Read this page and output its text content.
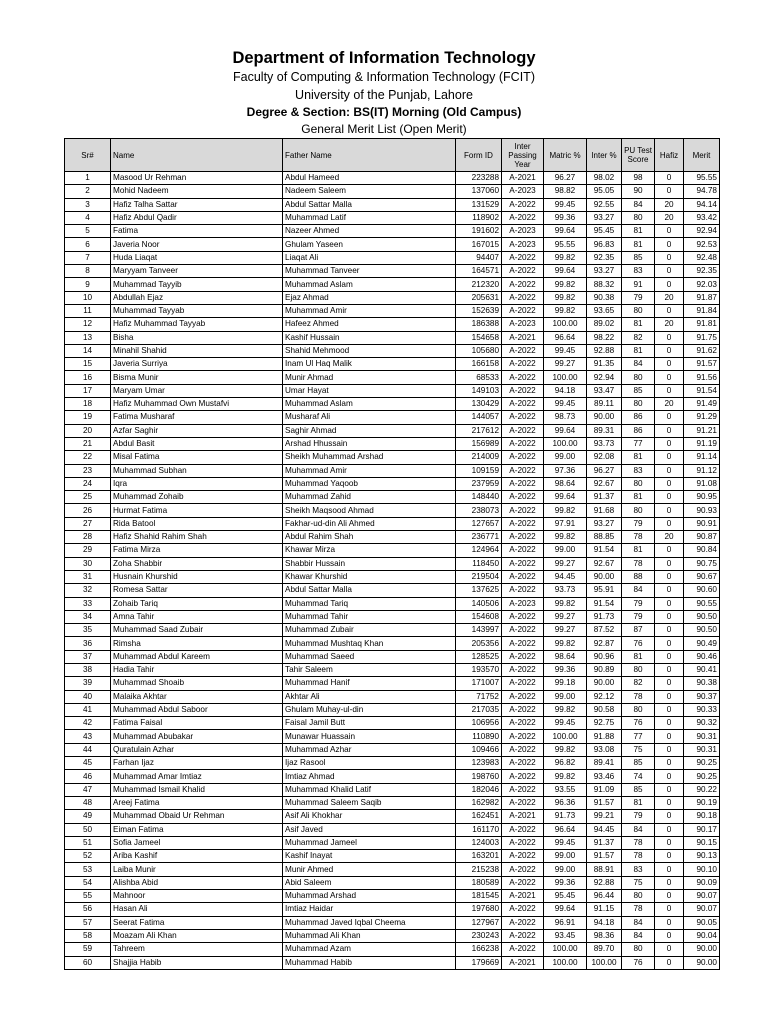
Department of Information Technology
Faculty of Computing & Information Technology (FCIT)
University of the Punjab, Lahore
Degree & Section: BS(IT) Morning (Old Campus)
General Merit List (Open Merit)
Sr#	Name	Father Name	Form ID	Inter Passing Year	Matric %	Inter %	PU Test Score	Hafiz	Merit
1	Masood Ur Rehman	Abdul Hameed	223288	A-2021	96.27	98.02	98	0	95.55
2	Mohid Nadeem	Nadeem Saleem	137060	A-2023	98.82	95.05	90	0	94.78
3	Hafiz Talha Sattar	Abdul Sattar Malla	131529	A-2022	99.45	92.55	84	20	94.14
4	Hafiz Abdul Qadir	Muhammad Latif	118902	A-2022	99.36	93.27	80	20	93.42
5	Fatima	Nazeer Ahmed	191602	A-2023	99.64	95.45	81	0	92.94
6	Javeria Noor	Ghulam Yaseen	167015	A-2023	95.55	96.83	81	0	92.53
7	Huda Liaqat	Liaqat Ali	94407	A-2022	99.82	92.35	85	0	92.48
8	Maryyam Tanveer	Muhammad Tanveer	164571	A-2022	99.64	93.27	83	0	92.35
9	Muhammad Tayyib	Muhammad Aslam	212320	A-2022	99.82	88.32	91	0	92.03
10	Abdullah Ejaz	Ejaz Ahmad	205631	A-2022	99.82	90.38	79	20	91.87
11	Muhammad Tayyab	Muhammad Amir	152639	A-2022	99.82	93.65	80	0	91.84
12	Hafiz Muhammad Tayyab	Hafeez Ahmed	186388	A-2023	100.00	89.02	81	20	91.81
13	Bisha	Kashif Hussain	154658	A-2021	96.64	98.22	82	0	91.75
14	Minahil Shahid	Shahid Mehmood	105680	A-2022	99.45	92.88	81	0	91.62
15	Javeria Surriya	Inam Ul Haq Malik	166158	A-2022	99.27	91.35	84	0	91.57
16	Bisma Munir	Munir Ahmad	68533	A-2022	100.00	92.94	80	0	91.56
17	Maryam Umar	Umar Hayat	149103	A-2022	94.18	93.47	85	0	91.54
18	Hafiz Muhammad Own Mustafvi	Muhammad Aslam	130429	A-2022	99.45	89.11	80	20	91.49
19	Fatima Musharaf	Musharaf Ali	144057	A-2022	98.73	90.00	86	0	91.29
20	Azfar Saghir	Saghir Ahmad	217612	A-2022	99.64	89.31	86	0	91.21
21	Abdul Basit	Arshad Hhussain	156989	A-2022	100.00	93.73	77	0	91.19
22	Misal Fatima	Sheikh Muhammad Arshad	214009	A-2022	99.00	92.08	81	0	91.14
23	Muhammad Subhan	Muhammad Amir	109159	A-2022	97.36	96.27	83	0	91.12
24	Iqra	Muhammad Yaqoob	237959	A-2022	98.64	92.67	80	0	91.08
25	Muhammad Zohaib	Muhammad Zahid	148440	A-2022	99.64	91.37	81	0	90.95
26	Hurmat Fatima	Sheikh Maqsood Ahmad	238073	A-2022	99.82	91.68	80	0	90.93
27	Rida Batool	Fakhar-ud-din Ali Ahmed	127657	A-2022	97.91	93.27	79	0	90.91
28	Hafiz Shahid Rahim Shah	Abdul Rahim Shah	236771	A-2022	99.82	88.85	78	20	90.87
29	Fatima Mirza	Khawar Mirza	124964	A-2022	99.00	91.54	81	0	90.84
30	Zoha Shabbir	Shabbir Hussain	118450	A-2022	99.27	92.67	78	0	90.75
31	Husnain Khurshid	Khawar Khurshid	219504	A-2022	94.45	90.00	88	0	90.67
32	Romesa Sattar	Abdul Sattar Malla	137625	A-2022	93.73	95.91	84	0	90.60
33	Zohaib Tariq	Muhammad Tariq	140506	A-2023	99.82	91.54	79	0	90.55
34	Amna Tahir	Muhammad Tahir	154608	A-2022	99.27	91.73	79	0	90.50
35	Muhammad Saad Zubair	Muhammad Zubair	143997	A-2022	99.27	87.52	87	0	90.50
36	Rimsha	Muhammad Mushtaq Khan	205356	A-2022	99.82	92.87	76	0	90.49
37	Muhammad Abdul Kareem	Muhammad Saeed	128525	A-2022	98.64	90.96	81	0	90.46
38	Hadia Tahir	Tahir Saleem	193570	A-2022	99.36	90.89	80	0	90.41
39	Muhammad Shoaib	Muhammad Hanif	171007	A-2022	99.18	90.00	82	0	90.38
40	Malaika Akhtar	Akhtar Ali	71752	A-2022	99.00	92.12	78	0	90.37
41	Muhammad Abdul Saboor	Ghulam Muhay-ul-din	217035	A-2022	99.82	90.58	80	0	90.33
42	Fatima Faisal	Faisal Jamil Butt	106956	A-2022	99.45	92.75	76	0	90.32
43	Muhammad Abubakar	Munawar Huassain	110890	A-2022	100.00	91.88	77	0	90.31
44	Quratulain Azhar	Muhammad Azhar	109466	A-2022	99.82	93.08	75	0	90.31
45	Farhan Ijaz	Ijaz Rasool	123983	A-2022	96.82	89.41	85	0	90.25
46	Muhammad Amar Imtiaz	Imtiaz Ahmad	198760	A-2022	99.82	93.46	74	0	90.25
47	Muhammad Ismail Khalid	Muhammad Khalid Latif	182046	A-2022	93.55	91.09	85	0	90.22
48	Areej Fatima	Muhammad Saleem Saqib	162982	A-2022	96.36	91.57	81	0	90.19
49	Muhammad Obaid Ur Rehman	Asif Ali Khokhar	162451	A-2021	91.73	99.21	79	0	90.18
50	Eiman Fatima	Asif Javed	161170	A-2022	96.64	94.45	84	0	90.17
51	Sofia Jameel	Muhammad Jameel	124003	A-2022	99.45	91.37	78	0	90.15
52	Ariba Kashif	Kashif Inayat	163201	A-2022	99.00	91.57	78	0	90.13
53	Laiba Munir	Munir Ahmed	215238	A-2022	99.00	88.91	83	0	90.10
54	Alishba Abid	Abid Saleem	180589	A-2022	99.36	92.88	75	0	90.09
55	Mahnoor	Muhammad Arshad	181545	A-2021	95.45	96.44	80	0	90.07
56	Hasan Ali	Imtiaz Haidar	197680	A-2022	99.64	91.15	78	0	90.07
57	Seerat Fatima	Muhammad Javed Iqbal Cheema	127967	A-2022	96.91	94.18	84	0	90.05
58	Moazam Ali Khan	Muhammad Ali Khan	230243	A-2022	93.45	98.36	84	0	90.04
59	Tahreem	Muhammad Azam	166238	A-2022	100.00	89.70	80	0	90.00
60	Shajjia Habib	Muhammad Habib	179669	A-2021	100.00	100.00	76	0	90.00
